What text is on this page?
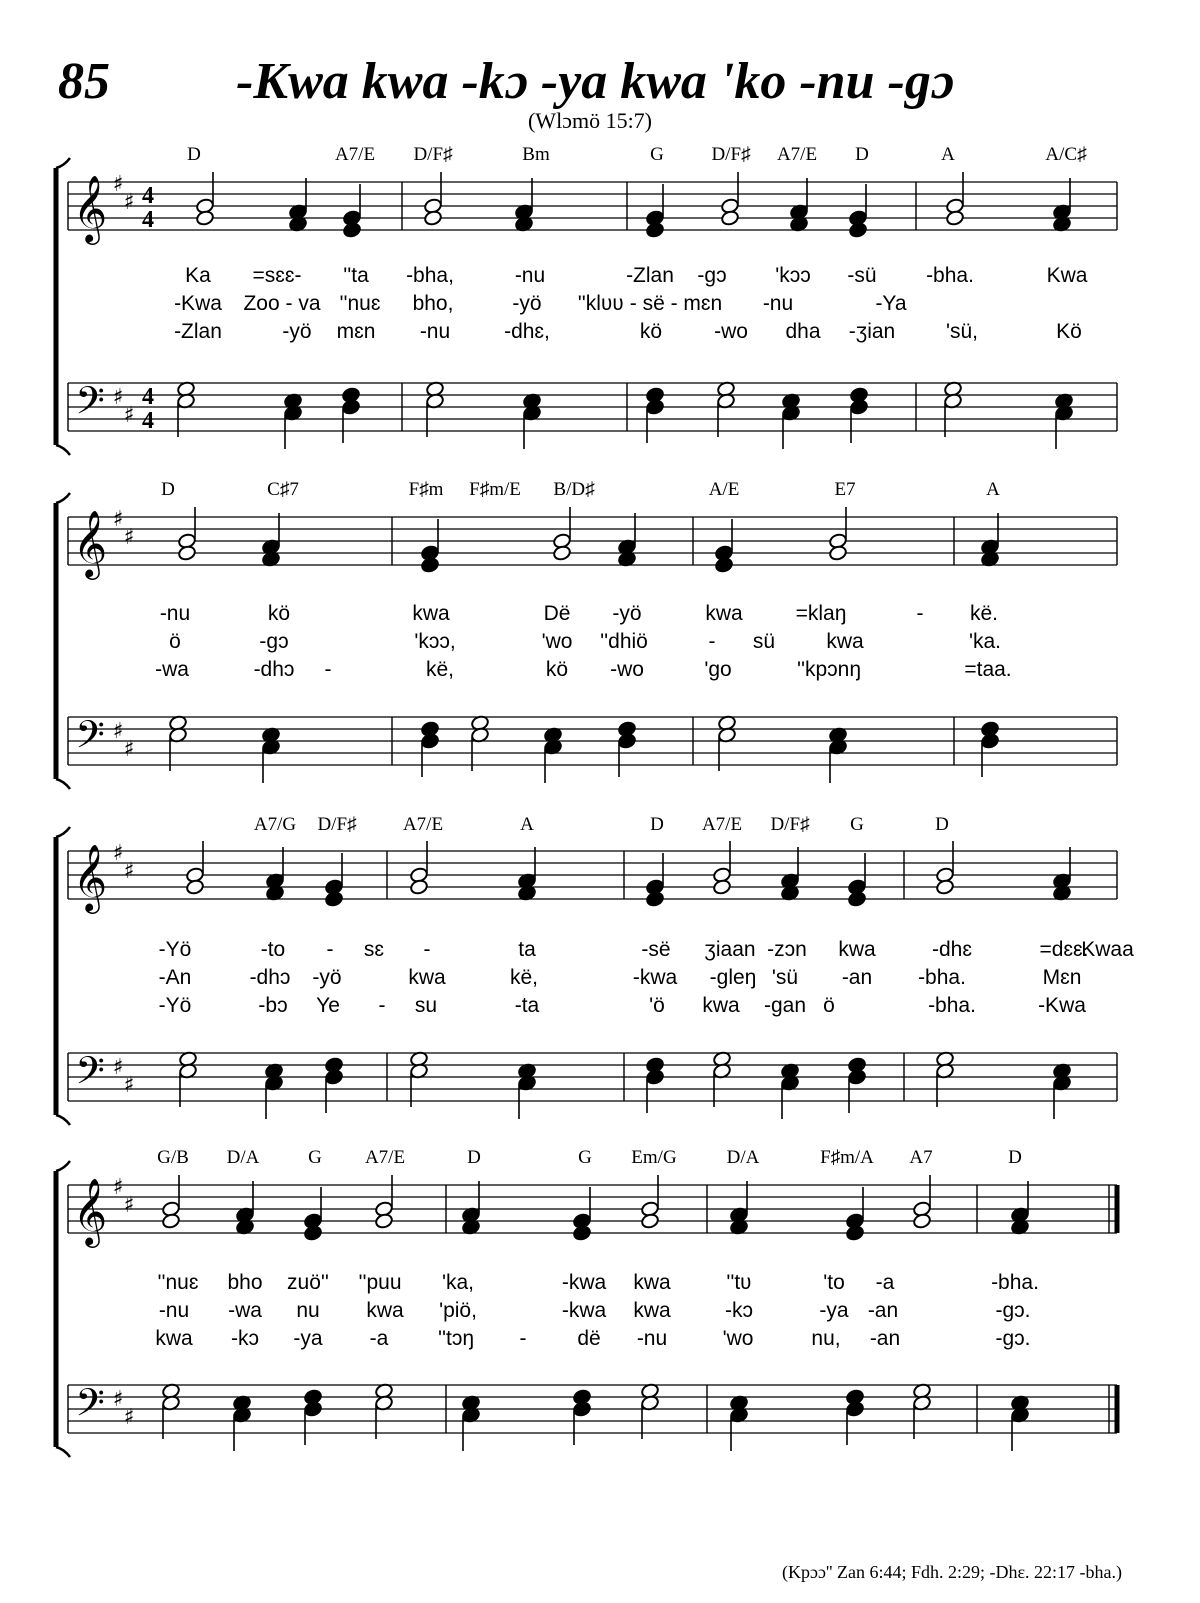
85 -Kwa kwa -kɔ -ya kwa 'ko -nu -gɔ
(Wlɔmö 15:7)
𝄞
𝄢
♯
♯
♯
♯
4
4
4
4
D	A7/E D/F♯	Bm	G	D/F♯ A7/E D	A	A/C♯
Ka =sɛɛ- ''ta -bha,	-nu	-Zlan -gɔ 'kɔɔ -sü -bha.	Kwa
-Kwa Zoo - va ''nuɛ bho,	-yö ''klʋʋ - së - mɛn -nu	-Ya
-Zlan	-yö mɛn -nu	-dhɛ,	kö -wo dha -ʒian 'sü,	Kö
𝄞
𝄢
♯
♯
♯
♯
D	C♯7	F♯m F♯m/E B/D♯	A/E	E7	A
-nu	kö	kwa	Dë -yö	kwa	=klaŋ	- kë.
ö	-gɔ	'kɔɔ,	'wo ''dhiö	- sü kwa	'ka.
-wa	-dhɔ -	kë,	kö -wo	'go	''kpɔnŋ	=taa.
𝄞
𝄢
♯
♯
♯
♯
A7/G D/F♯ A7/E	A	D A7/E D/F♯ G	D
-Yö	-to - sɛ -	ta	-së ʒiaan -zɔn kwa	-dhɛ	=dɛɛ.
-Kwaa
-An	-dhɔ -yö	kwa	kë,	-kwa -gleŋ 'sü -an -bha.	Mɛn
-Yö	-bɔ Ye - su	-ta	'ö kwa -gan ö	-bha.	-Kwa
𝄞
𝄢
♯
♯
♯
♯
G/B D/A	G A7/E	D	G Em/G	D/A	F♯m/A A7	D
''nuɛ bho zuö'' ''puu 'ka,	-kwa kwa	''tʋ	'to -a	-bha.
-nu -wa nu kwa 'piö,	-kwa kwa	-kɔ	-ya -an	-gɔ.
kwa -kɔ -ya -a ''tɔŋ - dë -nu	'wo	nu, -an	-gɔ.
(Kpɔɔ'' Zan 6:44; Fdh. 2:29; -Dhɛ. 22:17 -bha.)
